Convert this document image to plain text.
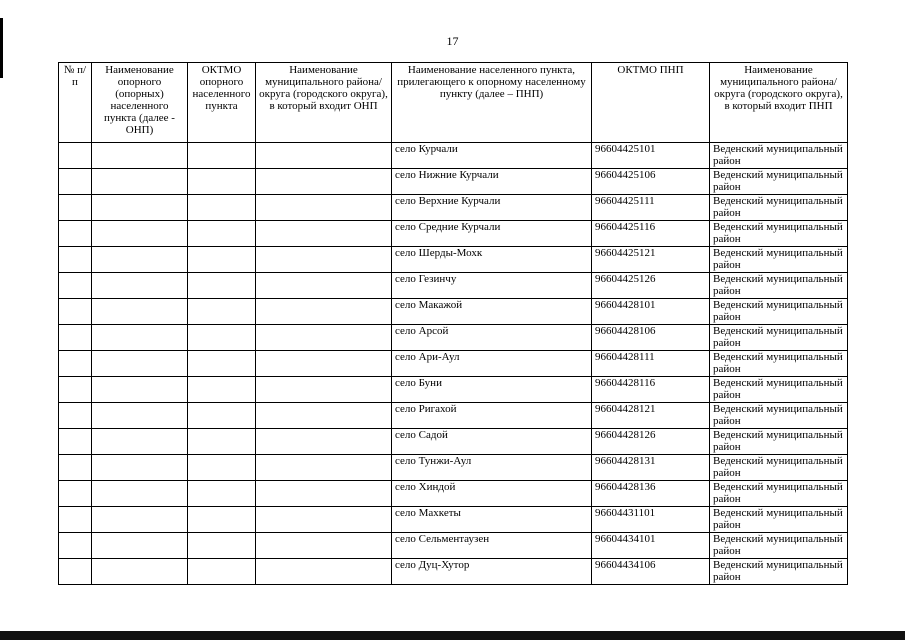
17
№ п/п	Наименование опорного (опорных) населенного пункта (далее - ОНП)	ОКТМО опорного населенного пункта	Наименование муниципального района/округа (городского округа), в который входит ОНП	Наименование населенного пункта, прилегающего к опорному населенному пункту (далее – ПНП)	ОКТМО ПНП	Наименование муниципального района/округа (городского округа), в который входит ПНП
				село Курчали	96604425101	Веденский муниципальный район
				село Нижние Курчали	96604425106	Веденский муниципальный район
				село Верхние Курчали	96604425111	Веденский муниципальный район
				село Средние Курчали	96604425116	Веденский муниципальный район
				село Шерды-Мохк	96604425121	Веденский муниципальный район
				село Гезинчу	96604425126	Веденский муниципальный район
				село Макажой	96604428101	Веденский муниципальный район
				село Арсой	96604428106	Веденский муниципальный район
				село Ари-Аул	96604428111	Веденский муниципальный район
				село Буни	96604428116	Веденский муниципальный район
				село Ригахой	96604428121	Веденский муниципальный район
				село Садой	96604428126	Веденский муниципальный район
				село Тунжи-Аул	96604428131	Веденский муниципальный район
				село Хиндой	96604428136	Веденский муниципальный район
				село Махкеты	96604431101	Веденский муниципальный район
				село Сельментаузен	96604434101	Веденский муниципальный район
				село Дуц-Хутор	96604434106	Веденский муниципальный район
